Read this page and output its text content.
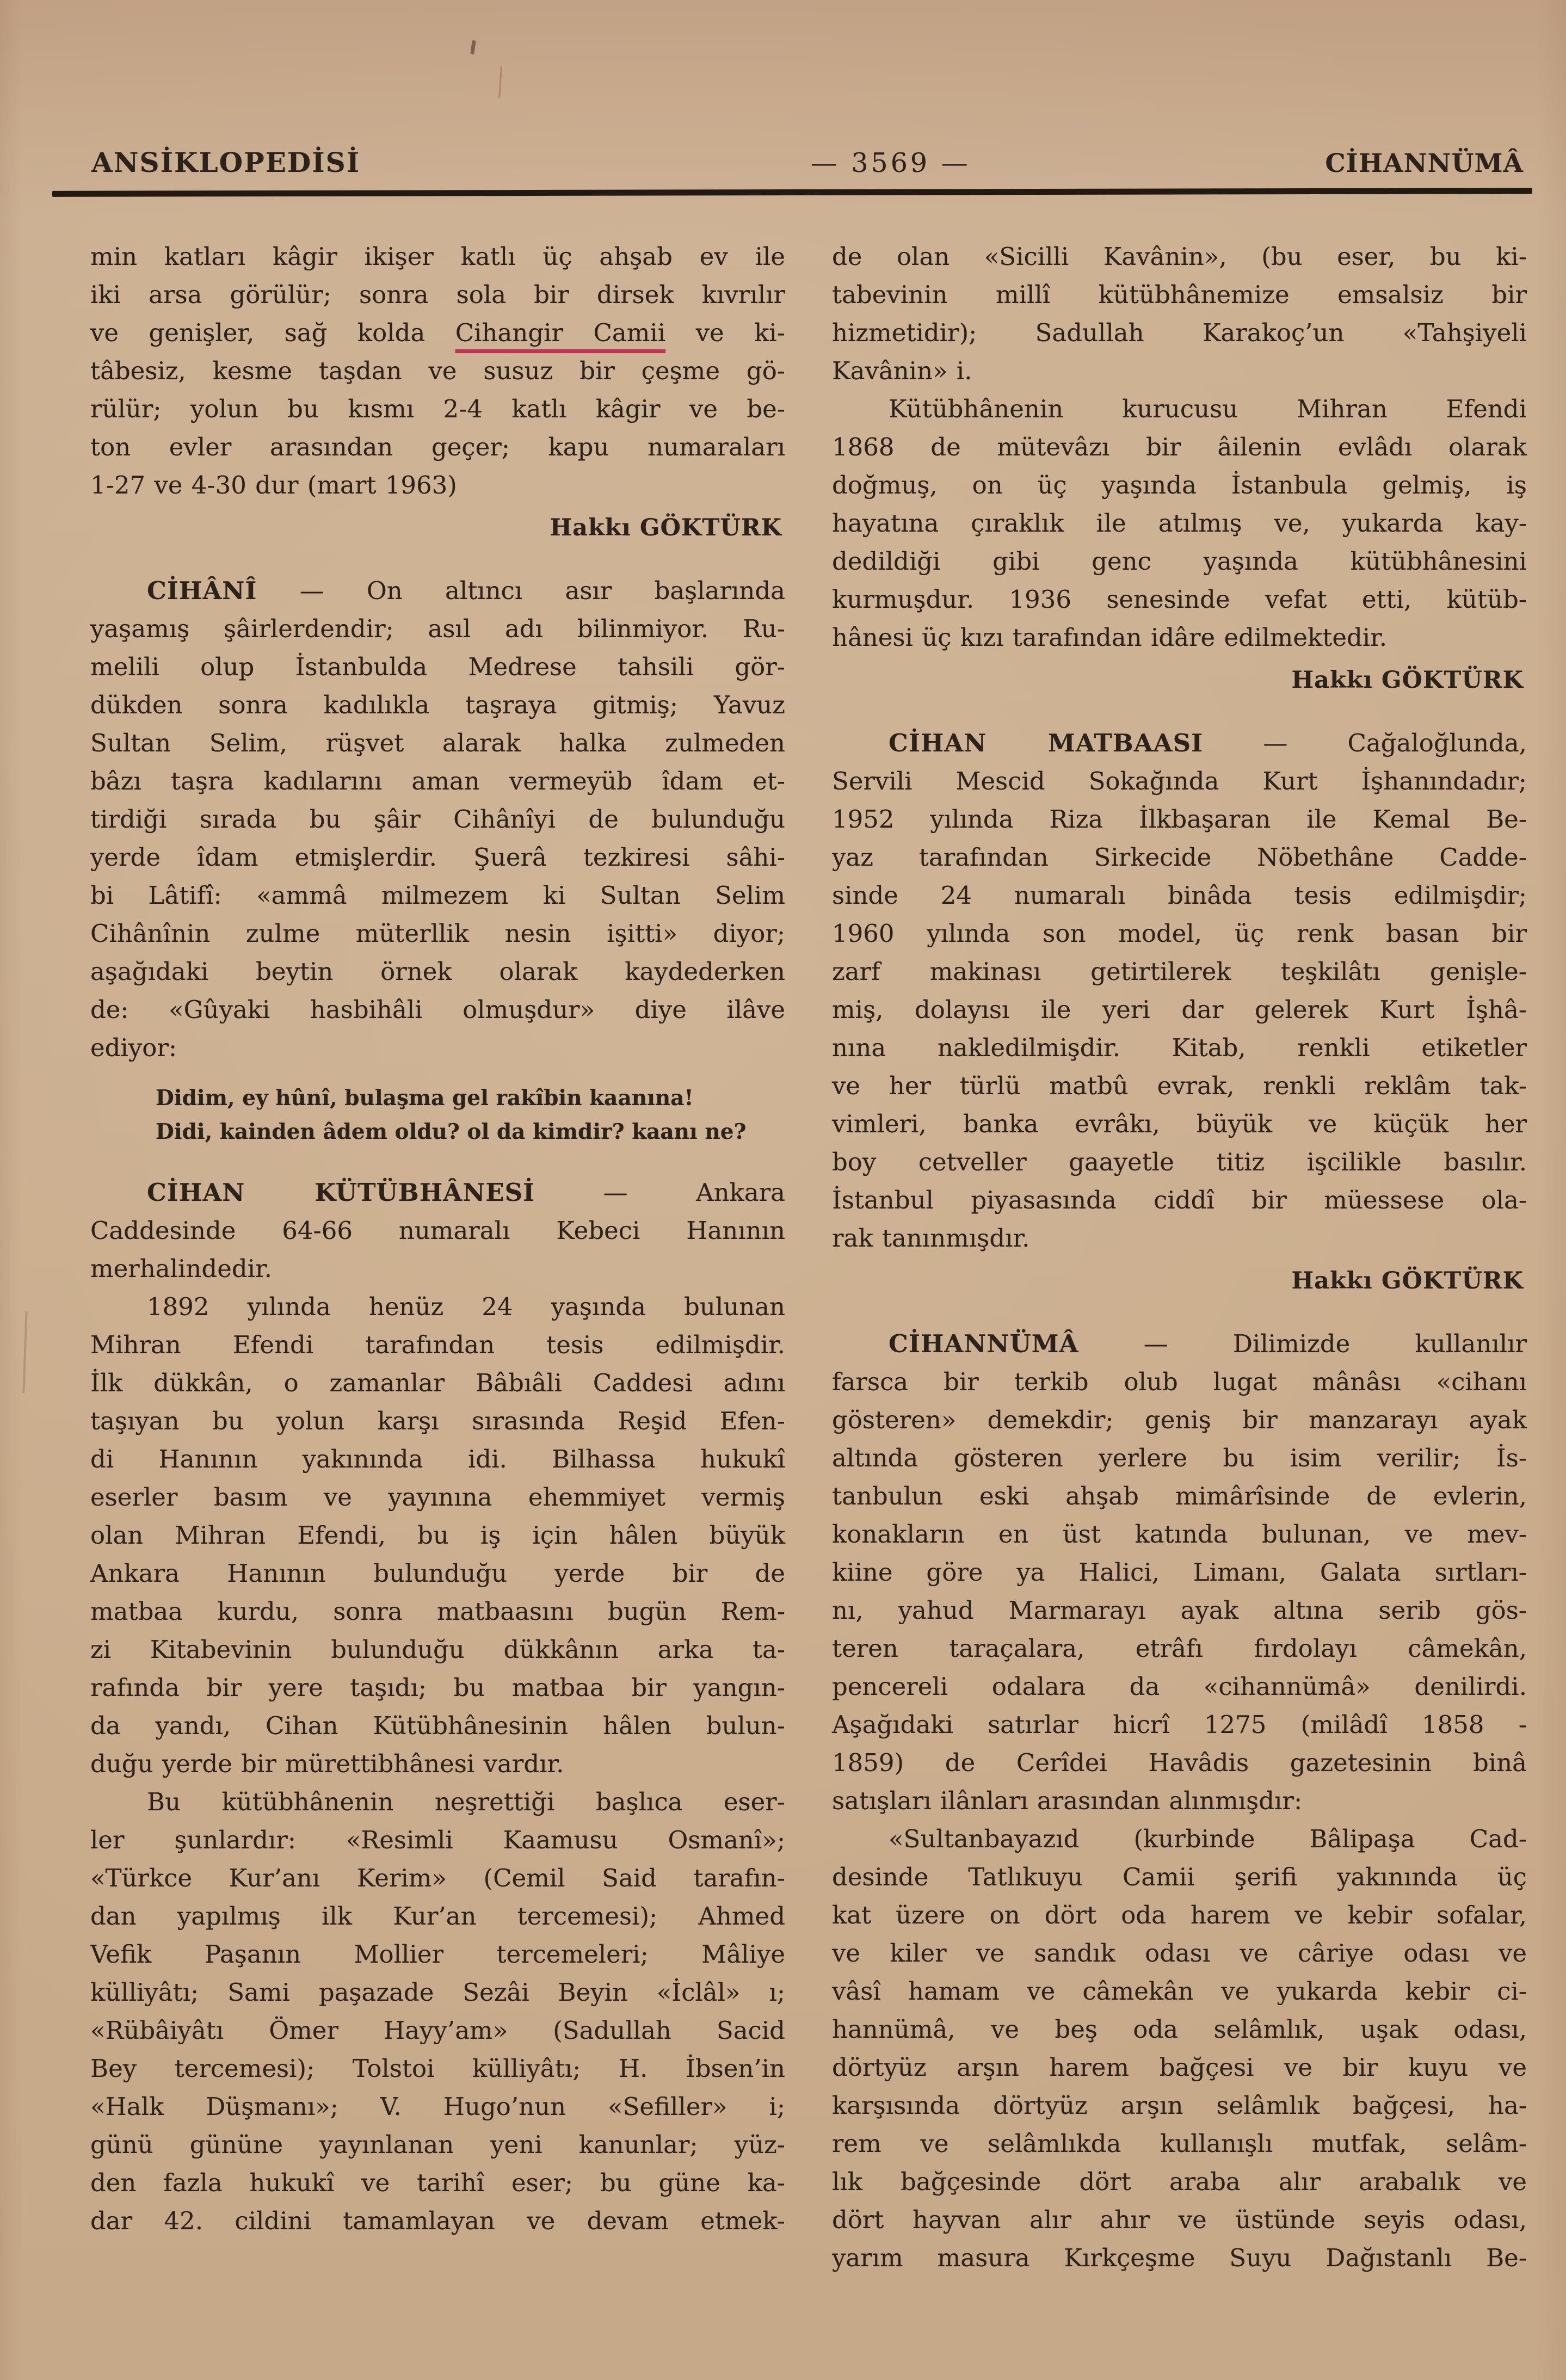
ANSİKLOPEDİSİ	— 3569 —	CİHANNÜMÂ
min katları kâgir ikişer katlı üç ahşab ev ile
iki arsa görülür; sonra sola bir dirsek kıvrılır
ve genişler, sağ kolda Cihangir Camii ve ki-
tâbesiz, kesme taşdan ve susuz bir çeşme gö-
rülür; yolun bu kısmı 2-4 katlı kâgir ve be-
ton evler arasından geçer; kapu numaraları
1-27 ve 4-30 dur (mart 1963)
Hakkı GÖKTÜRK
CİHÂNÎ — On altıncı asır başlarında
yaşamış şâirlerdendir; asıl adı bilinmiyor. Ru-
melili olup İstanbulda Medrese tahsili gör-
dükden sonra kadılıkla taşraya gitmiş; Yavuz
Sultan Selim, rüşvet alarak halka zulmeden
bâzı taşra kadılarını aman vermeyüb îdam et-
tirdiği sırada bu şâir Cihânîyi de bulunduğu
yerde îdam etmişlerdir. Şuerâ tezkiresi sâhi-
bi Lâtifî: «ammâ milmezem ki Sultan Selim
Cihânînin zulme müterllik nesin işitti» diyor;
aşağıdaki beytin örnek olarak kaydederken
de: «Gûyaki hasbihâli olmuşdur» diye ilâve
ediyor:
Didim, ey hûnî, bulaşma gel rakîbin kaanına!
Didi, kainden âdem oldu? ol da kimdir? kaanı ne?
CİHAN KÜTÜBHÂNESİ — Ankara
Caddesinde 64-66 numaralı Kebeci Hanının
merhalindedir.
1892 yılında henüz 24 yaşında bulunan
Mihran Efendi tarafından tesis edilmişdir.
İlk dükkân, o zamanlar Bâbıâli Caddesi adını
taşıyan bu yolun karşı sırasında Reşid Efen-
di Hanının yakınında idi. Bilhassa hukukî
eserler basım ve yayınına ehemmiyet vermiş
olan Mihran Efendi, bu iş için hâlen büyük
Ankara Hanının bulunduğu yerde bir de
matbaa kurdu, sonra matbaasını bugün Rem-
zi Kitabevinin bulunduğu dükkânın arka ta-
rafında bir yere taşıdı; bu matbaa bir yangın-
da yandı, Cihan Kütübhânesinin hâlen bulun-
duğu yerde bir mürettibhânesi vardır.
Bu kütübhânenin neşrettiği başlıca eser-
ler şunlardır: «Resimli Kaamusu Osmanî»;
«Türkce Kur’anı Kerim» (Cemil Said tarafın-
dan yapılmış ilk Kur’an tercemesi); Ahmed
Vefik Paşanın Mollier tercemeleri; Mâliye
külliyâtı; Sami paşazade Sezâi Beyin «İclâl» ı;
«Rübâiyâtı Ömer Hayy’am» (Sadullah Sacid
Bey tercemesi); Tolstoi külliyâtı; H. İbsen’in
«Halk Düşmanı»; V. Hugo’nun «Sefiller» i;
günü gününe yayınlanan yeni kanunlar; yüz-
den fazla hukukî ve tarihî eser; bu güne ka-
dar 42. cildini tamamlayan ve devam etmek-
de olan «Sicilli Kavânin», (bu eser, bu ki-
tabevinin millî kütübhânemize emsalsiz bir
hizmetidir); Sadullah Karakoç’un «Tahşiyeli
Kavânin» i.
Kütübhânenin kurucusu Mihran Efendi
1868 de mütevâzı bir âilenin evlâdı olarak
doğmuş, on üç yaşında İstanbula gelmiş, iş
hayatına çıraklık ile atılmış ve, yukarda kay-
dedildiği gibi genc yaşında kütübhânesini
kurmuşdur. 1936 senesinde vefat etti, kütüb-
hânesi üç kızı tarafından idâre edilmektedir.
Hakkı GÖKTÜRK
CİHAN MATBAASI — Cağaloğlunda,
Servili Mescid Sokağında Kurt İşhanındadır;
1952 yılında Riza İlkbaşaran ile Kemal Be-
yaz tarafından Sirkecide Nöbethâne Cadde-
sinde 24 numaralı binâda tesis edilmişdir;
1960 yılında son model, üç renk basan bir
zarf makinası getirtilerek teşkilâtı genişle-
miş, dolayısı ile yeri dar gelerek Kurt İşhâ-
nına nakledilmişdir. Kitab, renkli etiketler
ve her türlü matbû evrak, renkli reklâm tak-
vimleri, banka evrâkı, büyük ve küçük her
boy cetveller gaayetle titiz işcilikle basılır.
İstanbul piyasasında ciddî bir müessese ola-
rak tanınmışdır.
Hakkı GÖKTÜRK
CİHANNÜMÂ — Dilimizde kullanılır
farsca bir terkib olub lugat mânâsı «cihanı
gösteren» demekdir; geniş bir manzarayı ayak
altında gösteren yerlere bu isim verilir; İs-
tanbulun eski ahşab mimârîsinde de evlerin,
konakların en üst katında bulunan, ve mev-
kiine göre ya Halici, Limanı, Galata sırtları-
nı, yahud Marmarayı ayak altına serib gös-
teren taraçalara, etrâfı fırdolayı câmekân,
pencereli odalara da «cihannümâ» denilirdi.
Aşağıdaki satırlar hicrî 1275 (milâdî 1858 -
1859) de Cerîdei Havâdis gazetesinin binâ
satışları ilânları arasından alınmışdır:
«Sultanbayazıd (kurbinde Bâlipaşa Cad-
desinde Tatlıkuyu Camii şerifi yakınında üç
kat üzere on dört oda harem ve kebir sofalar,
ve kiler ve sandık odası ve câriye odası ve
vâsî hamam ve câmekân ve yukarda kebir ci-
hannümâ, ve beş oda selâmlık, uşak odası,
dörtyüz arşın harem bağçesi ve bir kuyu ve
karşısında dörtyüz arşın selâmlık bağçesi, ha-
rem ve selâmlıkda kullanışlı mutfak, selâm-
lık bağçesinde dört araba alır arabalık ve
dört hayvan alır ahır ve üstünde seyis odası,
yarım masura Kırkçeşme Suyu Dağıstanlı Be-
